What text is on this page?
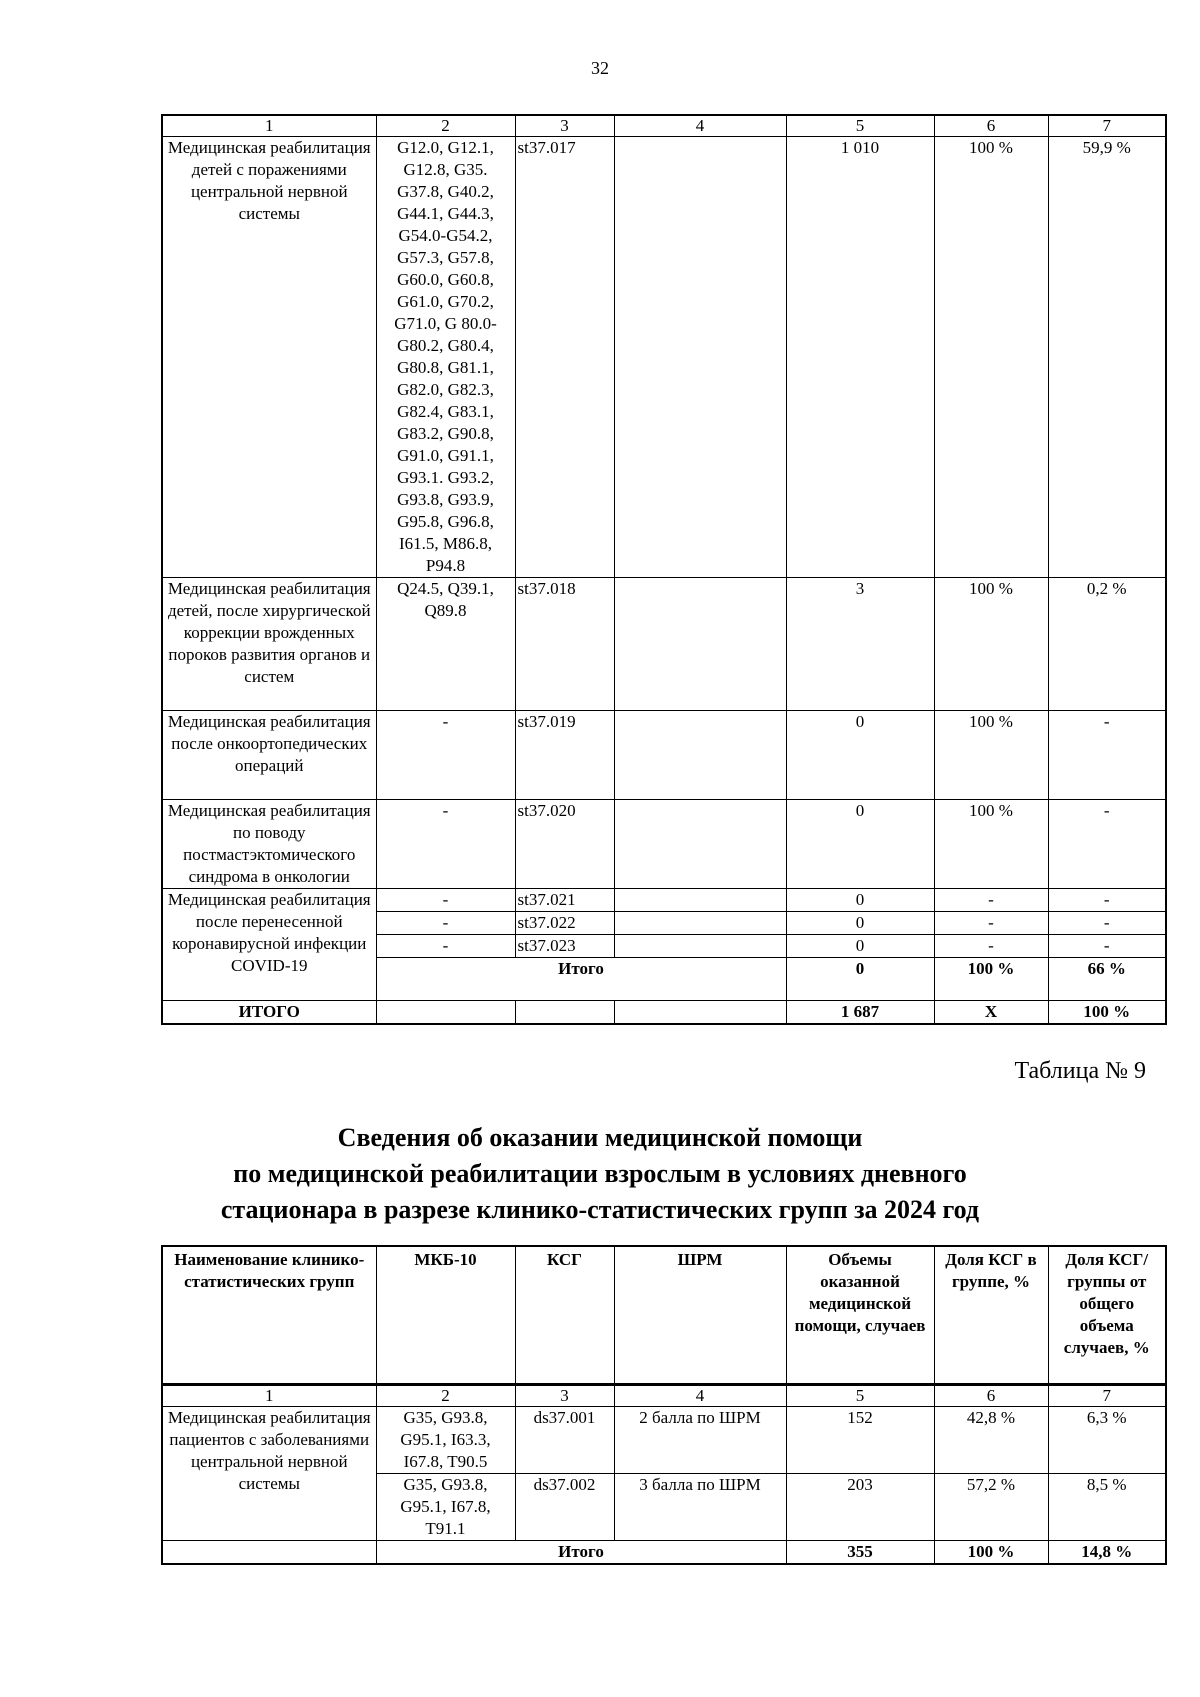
32
1	2	3	4	5	6	7
Медицинская реабилитация детей с поражениями центральной нервной системы	G12.0, G12.1, G12.8, G35. G37.8, G40.2, G44.1, G44.3, G54.0-G54.2, G57.3, G57.8, G60.0, G60.8, G61.0, G70.2, G71.0, G 80.0-G80.2, G80.4, G80.8, G81.1, G82.0, G82.3, G82.4, G83.1, G83.2, G90.8, G91.0, G91.1, G93.1. G93.2, G93.8, G93.9, G95.8, G96.8, I61.5, M86.8, P94.8	st37.017		1 010	100 %	59,9 %
Медицинская реабилитация детей, после хирургической коррекции врожденных пороков развития органов и систем	Q24.5, Q39.1, Q89.8	st37.018		3	100 %	0,2 %
Медицинская реабилитация после онкоортопедических операций	-	st37.019		0	100 %	-
Медицинская реабилитация по поводу постмастэктомического синдрома в онкологии	-	st37.020		0	100 %	-
Медицинская реабилитация после перенесенной коронавирусной инфекции COVID-19	-	st37.021		0	-	-
	-	st37.022		0	-	-
	-	st37.023		0	-	-
	Итого			0	100 %	66 %
ИТОГО				1 687	Х	100 %
Таблица № 9
Сведения об оказании медицинской помощи
по медицинской реабилитации взрослым в условиях дневного
стационара в разрезе клинико-статистических групп за 2024 год
Наименование клинико-статистических групп	МКБ-10	КСГ	ШРМ	Объемы оказанной медицинской помощи, случаев	Доля КСГ в группе, %	Доля КСГ/ группы от общего объема случаев, %
1	2	3	4	5	6	7
Медицинская реабилитация пациентов с заболеваниями центральной нервной системы	G35, G93.8, G95.1, I63.3, I67.8, T90.5	ds37.001	2 балла по ШРМ	152	42,8 %	6,3 %
	G35, G93.8, G95.1, I67.8, T91.1	ds37.002	3 балла по ШРМ	203	57,2 %	8,5 %
	Итого			355	100 %	14,8 %
